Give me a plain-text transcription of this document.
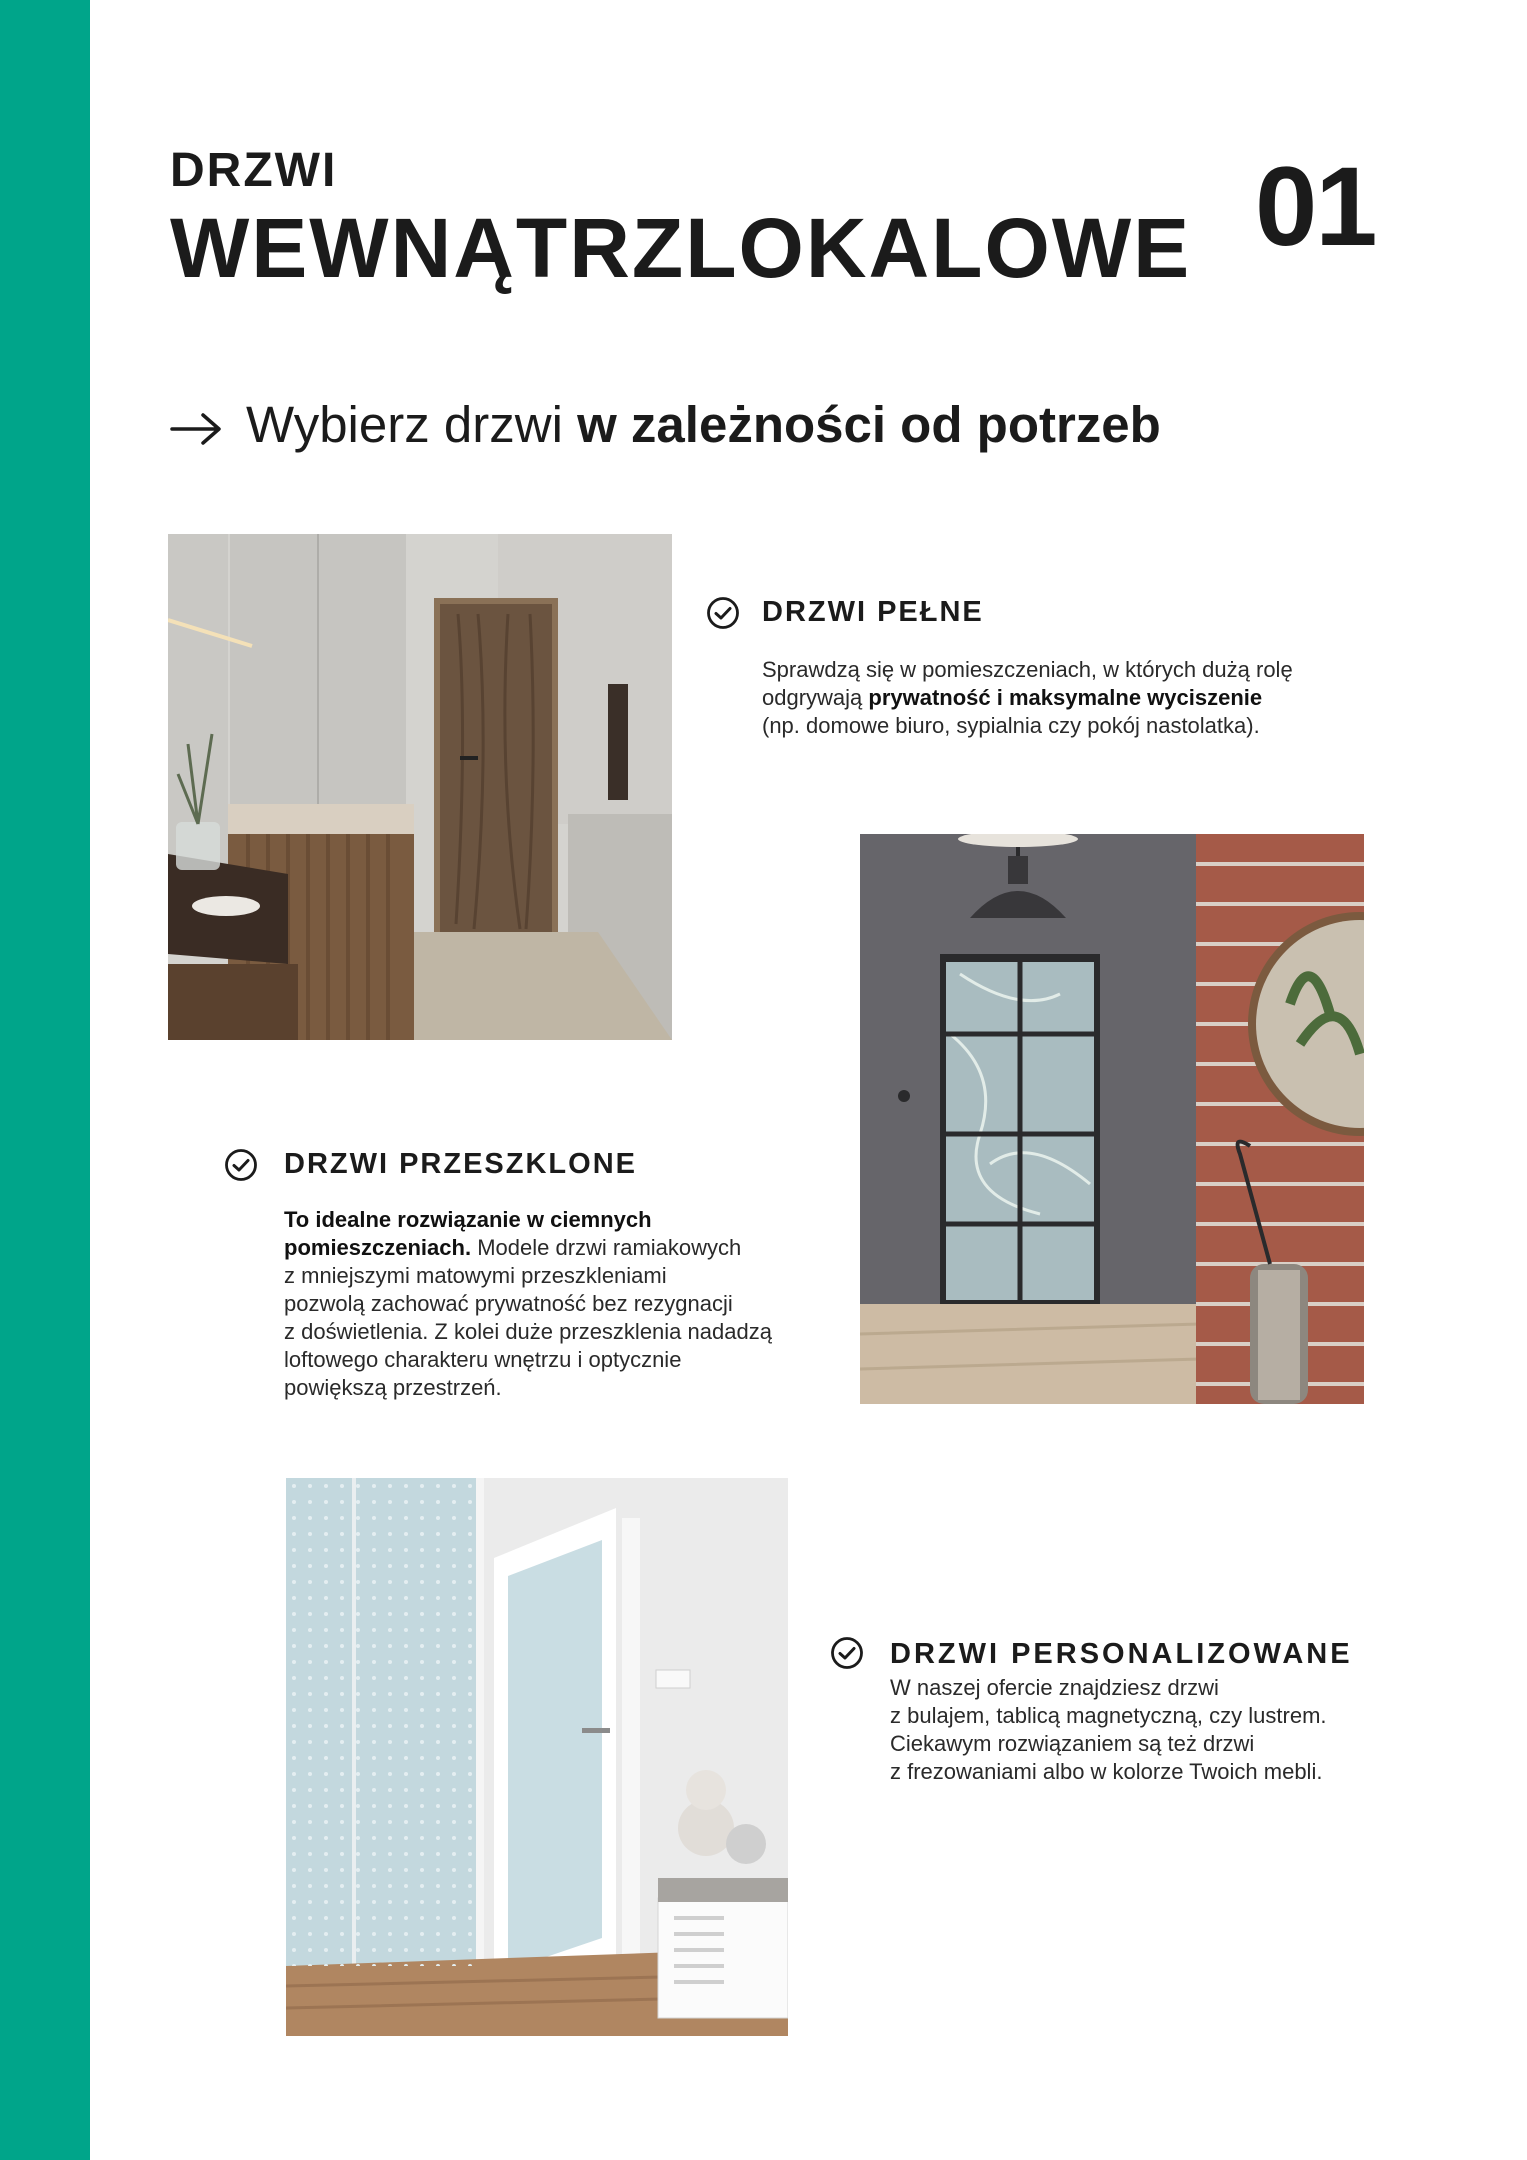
DRZWI
WEWNĄTRZLOKALOWE 01
Wybierz drzwi w zależności od potrzeb
DRZWI PEŁNE
Sprawdzą się w pomieszczeniach, w których dużą rolę
odgrywają prywatność i maksymalne wyciszenie
(np. domowe biuro, sypialnia czy pokój nastolatka).
DRZWI PRZESZKLONE
To idealne rozwiązanie w ciemnych
pomieszczeniach. Modele drzwi ramiakowych
z mniejszymi matowymi przeszkleniami
pozwolą zachować prywatność bez rezygnacji
z doświetlenia. Z kolei duże przeszklenia nadadzą
loftowego charakteru wnętrzu i optycznie
powiększą przestrzeń.
DRZWI PERSONALIZOWANE
W naszej ofercie znajdziesz drzwi
z bulajem, tablicą magnetyczną, czy lustrem.
Ciekawym rozwiązaniem są też drzwi
z frezowaniami albo w kolorze Twoich mebli.
